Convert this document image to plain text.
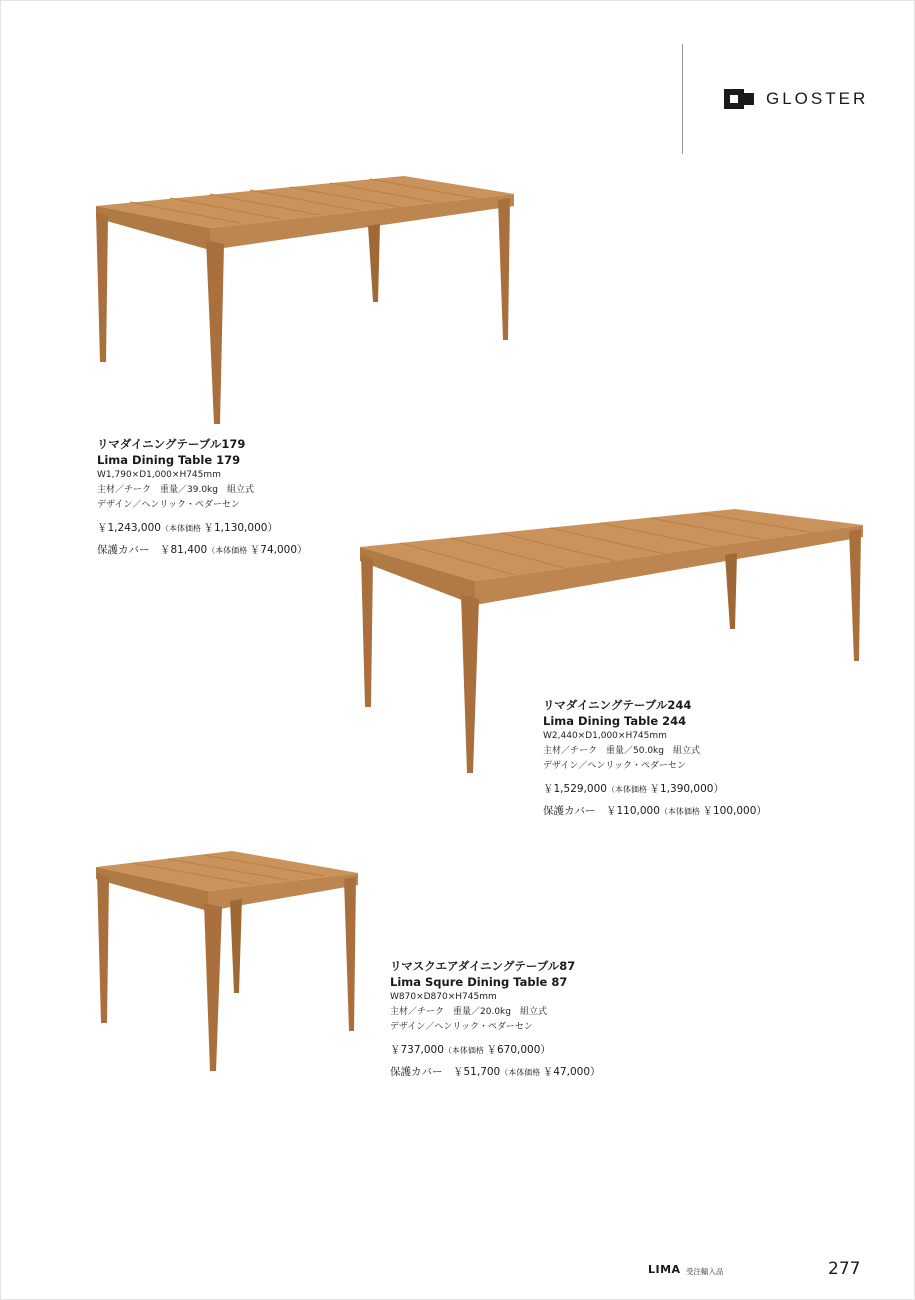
GLOSTER
リマダイニングテーブル179
Lima Dining Table 179
W1,790×D1,000×H745mm
主材／チーク　重量／39.0kg　組立式
デザイン／ヘンリック・ペダーセン
￥1,243,000（本体価格 ￥1,130,000）
保護カバー　￥81,400（本体価格 ￥74,000）
リマダイニングテーブル244
Lima Dining Table 244
W2,440×D1,000×H745mm
主材／チーク　重量／50.0kg　組立式
デザイン／ヘンリック・ペダーセン
￥1,529,000（本体価格 ￥1,390,000）
保護カバー　￥110,000（本体価格 ￥100,000）
リマスクエアダイニングテーブル87
Lima Squre Dining Table 87
W870×D870×H745mm
主材／チーク　重量／20.0kg　組立式
デザイン／ヘンリック・ペダーセン
￥737,000（本体価格 ￥670,000）
保護カバー　￥51,700（本体価格 ￥47,000）
LIMA 受注輸入品	277
